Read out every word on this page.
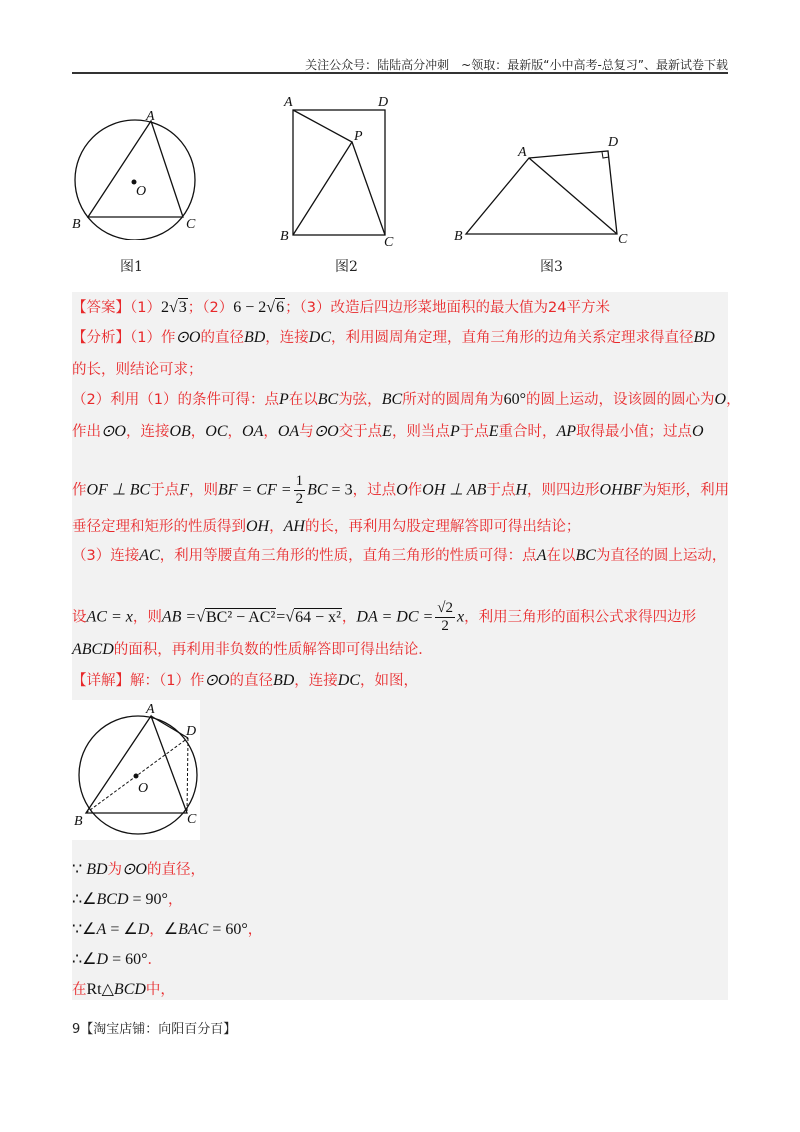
关注公众号：陆陆高分冲刺　~领取：最新版“小中高考-总复习”、最新试卷下载
A
B	C
O
图1
A	D
P
B	C
图2
A
D
B	C
图3
【答案】（1）2√3；（2）6 − 2√6；（3）改造后四边形菜地面积的最大值为24平方米
【分析】（1）作⊙O的直径BD，连接DC，利用圆周角定理，直角三角形的边角关系定理求得直径BD
的长，则结论可求；
（2）利用（1）的条件可得：点P在以BC为弦，BC所对的圆周角为60°的圆上运动，设该圆的圆心为O，
作出⊙O，连接OB，OC，OA，OA与⊙O交于点E，则当点P于点E重合时，AP取得最小值；过点O
作OF ⊥ BC于点F，则BF = CF = $\frac{1}{2}$ BC = 3，过点O作OH ⊥ AB于点H，则四边形OHBF为矩形，利用
垂径定理和矩形的性质得到OH，AH的长，再利用勾股定理解答即可得出结论；
（3）连接AC，利用等腰直角三角形的性质，直角三角形的性质可得：点A在以BC为直径的圆上运动，
设AC = x，则AB =√BC² − AC²=√64 − x²，DA = DC = $\frac{√2}{2}$ x，利用三角形的面积公式求得四边形
ABCD的面积，再利用非负数的性质解答即可得出结论．
【详解】解：（1）作⊙O的直径BD，连接DC，如图，
∵ BD为⊙O的直径，
∴∠BCD = 90°，
∵∠A = ∠D，∠BAC = 60°，
∴∠D = 60°．
在Rt△BCD中，
A
D
O
B	C
9【淘宝店铺：向阳百分百】
